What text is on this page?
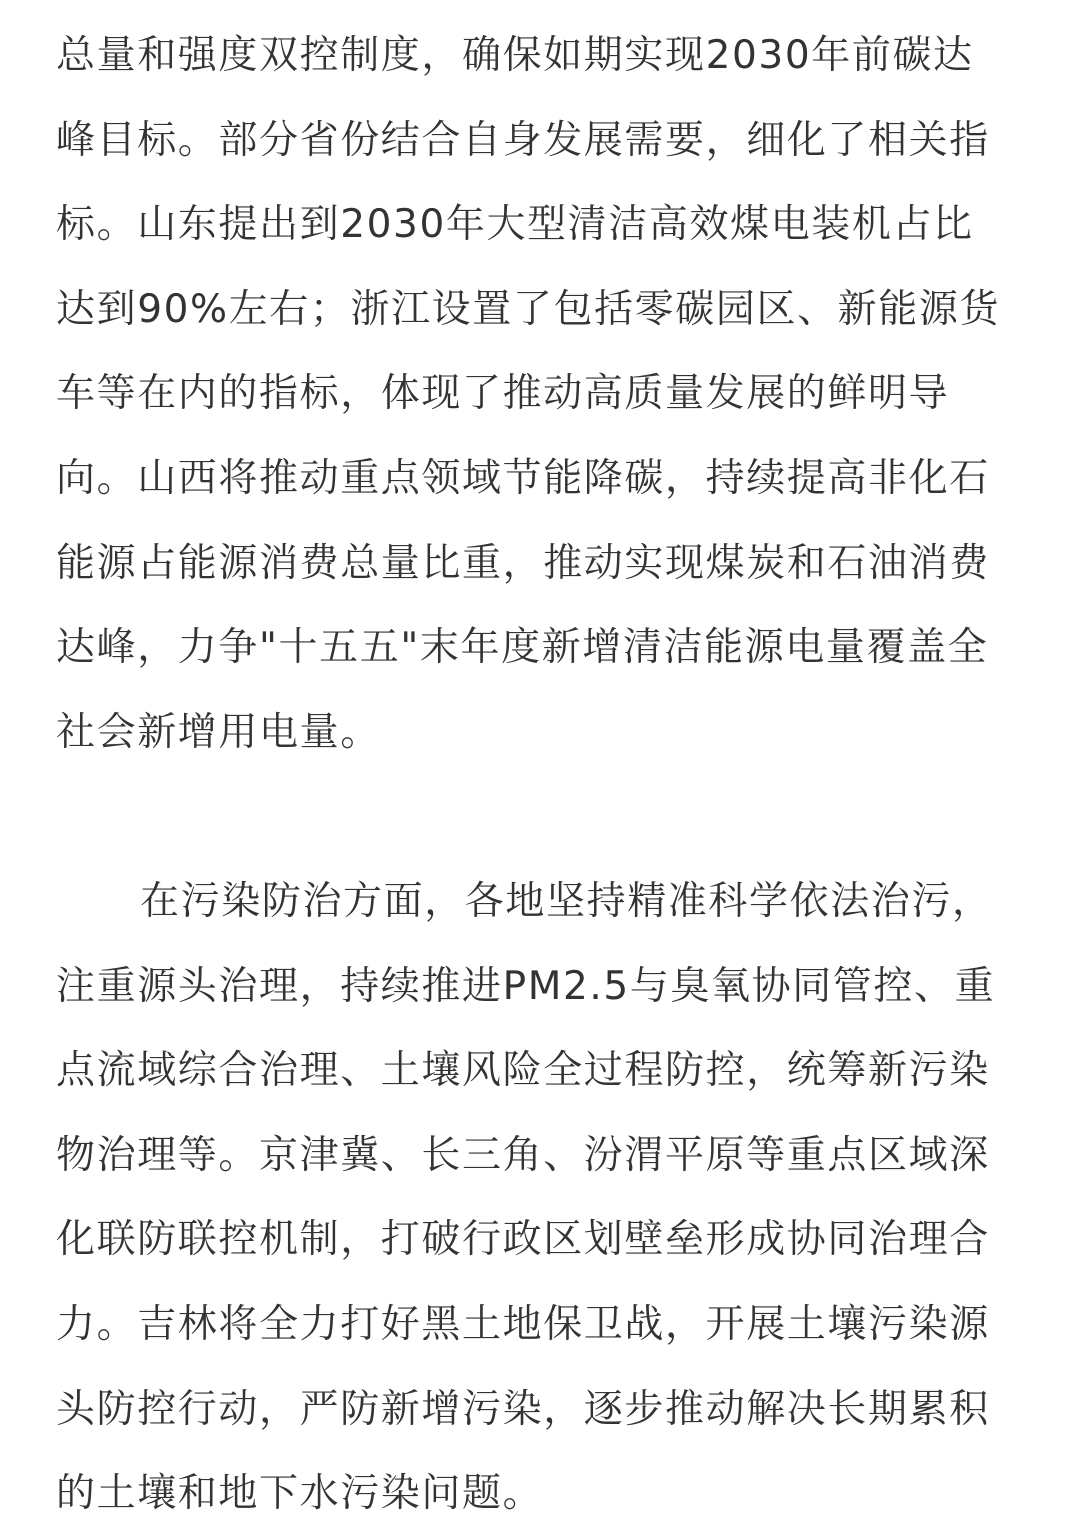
总量和强度双控制度，确保如期实现2030年前碳达
峰目标。部分省份结合自身发展需要，细化了相关指
标。山东提出到2030年大型清洁高效煤电装机占比
达到90%左右；浙江设置了包括零碳园区、新能源货
车等在内的指标，体现了推动高质量发展的鲜明导
向。山西将推动重点领域节能降碳，持续提高非化石
能源占能源消费总量比重，推动实现煤炭和石油消费
达峰，力争"十五五"末年度新增清洁能源电量覆盖全
社会新增用电量。
在污染防治方面，各地坚持精准科学依法治污，
注重源头治理，持续推进PM2.5与臭氧协同管控、重
点流域综合治理、土壤风险全过程防控，统筹新污染
物治理等。京津冀、长三角、汾渭平原等重点区域深
化联防联控机制，打破行政区划壁垒形成协同治理合
力。吉林将全力打好黑土地保卫战，开展土壤污染源
头防控行动，严防新增污染，逐步推动解决长期累积
的土壤和地下水污染问题。
